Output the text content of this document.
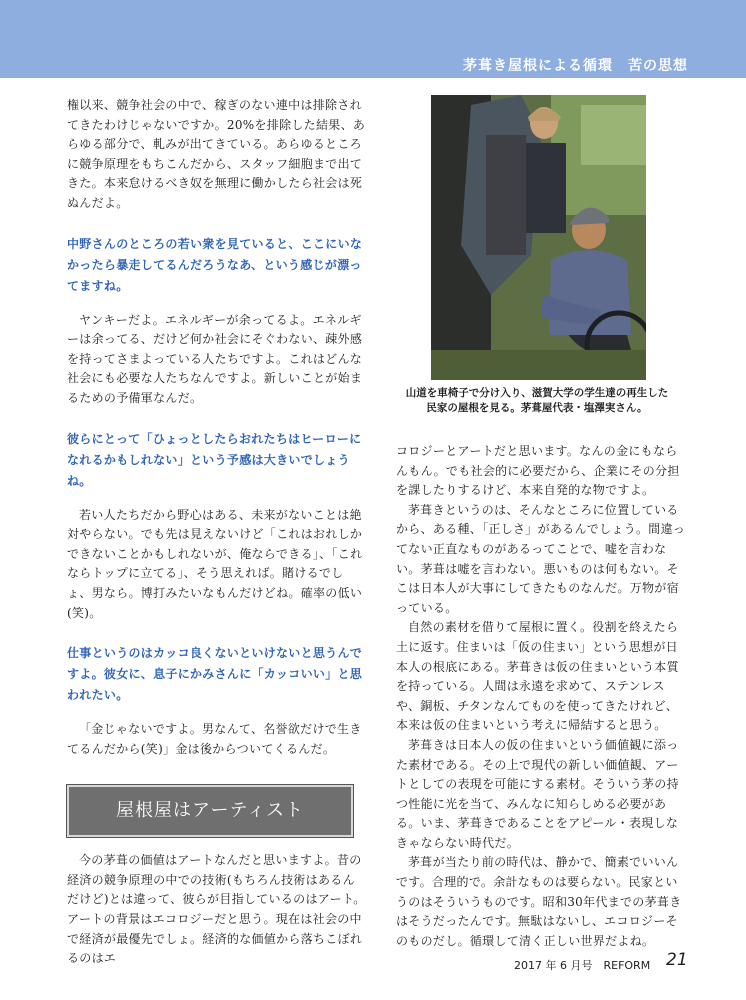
茅葺き屋根による循環　苦の思想

権以来、競争社会の中で、稼ぎのない連中は排除されてきたわけじゃないですか。20%を排除した結果、あらゆる部分で、軋みが出てきている。あらゆるところに競争原理をもちこんだから、スタッフ細胞まで出てきた。本来怠けるべき奴を無理に働かしたら社会は死ぬんだよ。

中野さんのところの若い衆を見ていると、ここにいなかったら暴走してるんだろうなあ、という感じが漂ってますね。

ヤンキーだよ。エネルギーが余ってるよ。エネルギーは余ってる、だけど何か社会にそぐわない、疎外感を持ってさまよっている人たちですよ。これはどんな社会にも必要な人たちなんですよ。新しいことが始まるための予備軍なんだ。

彼らにとって「ひょっとしたらおれたちはヒーローになれるかもしれない」という予感は大きいでしょうね。

若い人たちだから野心はある、未来がないことは絶対やらない。でも先は見えないけど「これはおれしかできないことかもしれないが、俺ならできる」、「これならトップに立てる」、そう思えれば。賭けるでしょ、男なら。博打みたいなもんだけどね。確率の低い(笑)。

仕事というのはカッコ良くないといけないと思うんですよ。彼女に、息子にかみさんに「カッコいい」と思われたい。

「金じゃないですよ。男なんて、名誉欲だけで生きてるんだから(笑)」金は後からついてくるんだ。

屋根屋はアーティスト

今の茅葺の価値はアートなんだと思いますよ。昔の経済の競争原理の中での技術(もちろん技術はあるんだけど)とは違って、彼らが目指しているのはアート。アートの背景はエコロジーだと思う。現在は社会の中で経済が最優先でしょ。経済的な価値から落ちこぼれるのはエ

山道を車椅子で分け入り、滋賀大学の学生達の再生した民家の屋根を見る。茅葺屋代表・塩澤実さん。

コロジーとアートだと思います。なんの金にもならんもん。でも社会的に必要だから、企業にその分担を課したりするけど、本来自発的な物ですよ。

茅葺きというのは、そんなところに位置しているから、ある種、「正しさ」があるんでしょう。間違ってない正直なものがあるってことで、嘘を言わない。茅葺は嘘を言わない。悪いものは何もない。そこは日本人が大事にしてきたものなんだ。万物が宿っている。

自然の素材を借りて屋根に置く。役割を終えたら土に返す。住まいは「仮の住まい」という思想が日本人の根底にある。茅葺きは仮の住まいという本質を持っている。人間は永遠を求めて、ステンレスや、銅板、チタンなんてものを使ってきたけれど、本来は仮の住まいという考えに帰結すると思う。

茅葺きは日本人の仮の住まいという価値観に添った素材である。その上で現代の新しい価値観、アートとしての表現を可能にする素材。そういう茅の持つ性能に光を当て、みんなに知らしめる必要がある。いま、茅葺きであることをアピール・表現しなきゃならない時代だ。

茅葺が当たり前の時代は、静かで、簡素でいいんです。合理的で。余計なものは要らない。民家というのはそういうものです。昭和30年代までの茅葺きはそうだったんです。無駄はないし、エコロジーそのものだし。循環して清く正しい世界だよね。

2017 年 6 月号　REFORM 21
